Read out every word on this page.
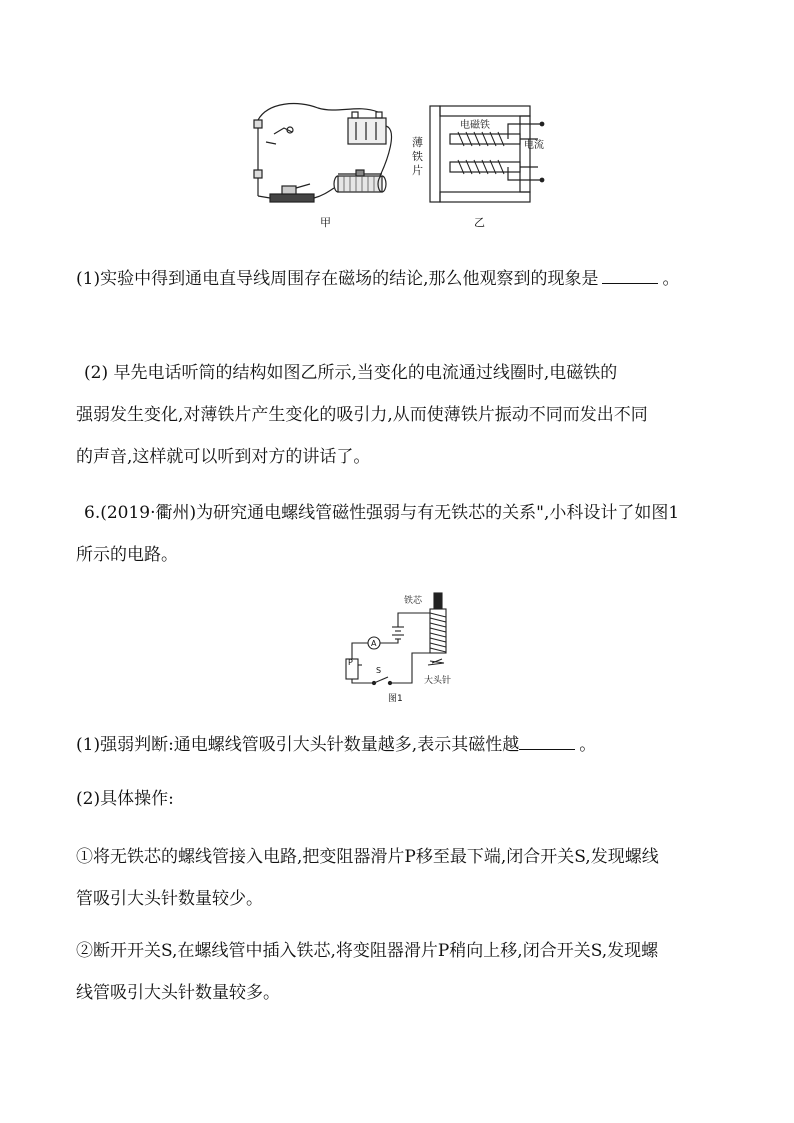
甲
薄
铁
片
电磁铁
电流
乙

(1)实验中得到通电直导线周围存在磁场的结论,那么他观察到的现象是	。

(2) 早先电话听筒的结构如图乙所示,当变化的电流通过线圈时,电磁铁的
强弱发生变化,对薄铁片产生变化的吸引力,从而使薄铁片振动不同而发出不同
的声音,这样就可以听到对方的讲话了。

6.(2019·衢州)为研究通电螺线管磁性强弱与有无铁芯的关系",小科设计了如图1
所示的电路。

铁芯
A
P
S
大头针
图1

(1)强弱判断:通电螺线管吸引大头针数量越多,表示其磁性越	。

(2)具体操作:

①将无铁芯的螺线管接入电路,把变阻器滑片P移至最下端,闭合开关S,发现螺线
管吸引大头针数量较少。

②断开开关S,在螺线管中插入铁芯,将变阻器滑片P稍向上移,闭合开关S,发现螺
线管吸引大头针数量较多。
